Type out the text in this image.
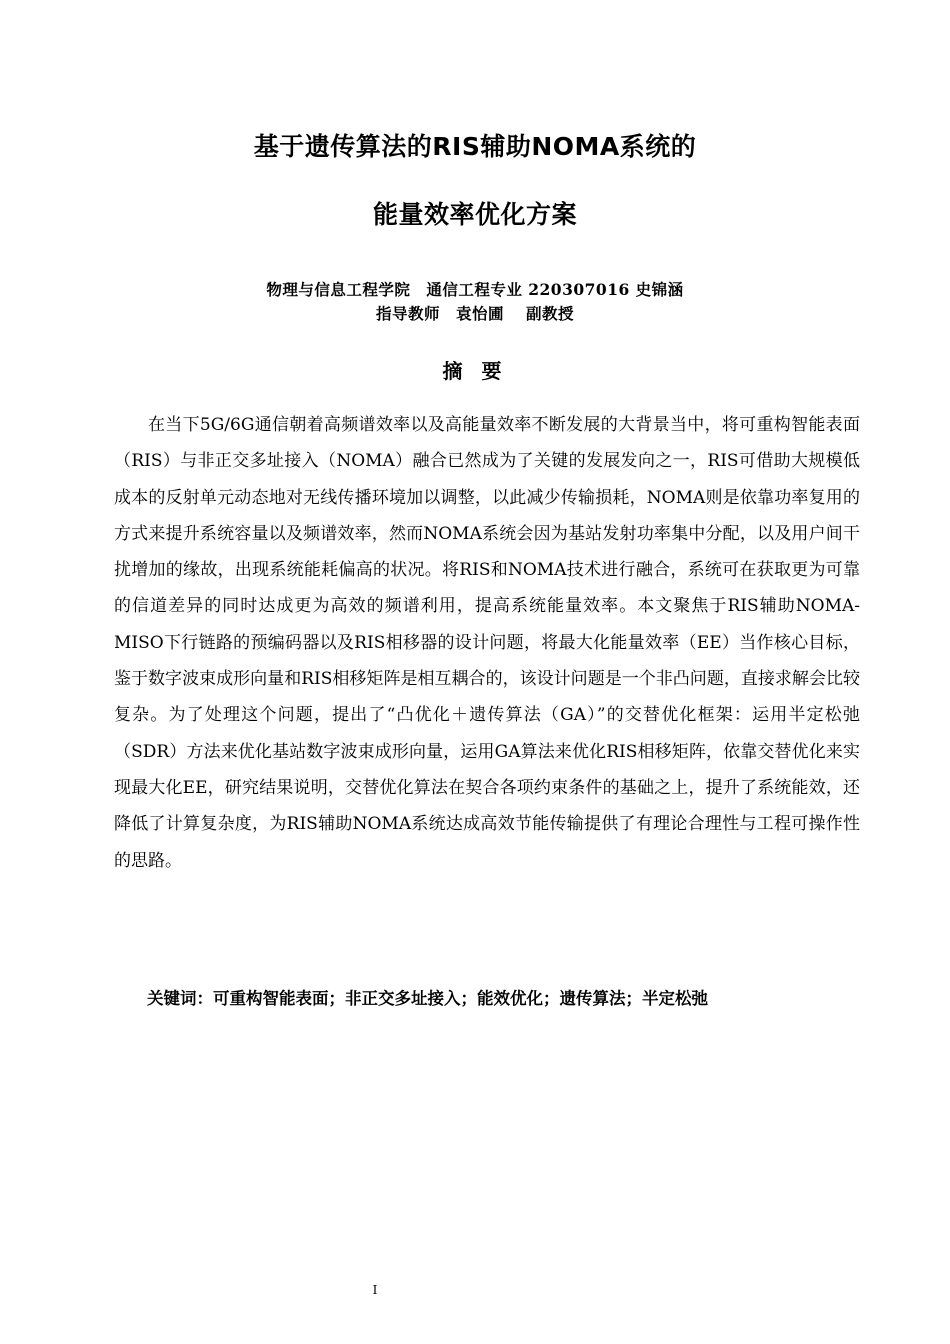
基于遗传算法的RIS辅助NOMA系统的
能量效率优化方案
物理与信息工程学院　通信工程专业 220307016 史锦涵
指导教师　袁怡圃　 副教授
摘 要

在当下5G/6G通信朝着高频谱效率以及高能量效率不断发展的大背景当中，将可重构智能表面（RIS）与非正交多址接入（NOMA）融合已然成为了关键的发展发向之一，RIS可借助大规模低成本的反射单元动态地对无线传播环境加以调整，以此减少传输损耗，NOMA则是依靠功率复用的方式来提升系统容量以及频谱效率，然而NOMA系统会因为基站发射功率集中分配，以及用户间干扰增加的缘故，出现系统能耗偏高的状况。将RIS和NOMA技术进行融合，系统可在获取更为可靠的信道差异的同时达成更为高效的频谱利用，提高系统能量效率。本文聚焦于RIS辅助NOMA-MISO下行链路的预编码器以及RIS相移器的设计问题，将最大化能量效率（EE）当作核心目标，鉴于数字波束成形向量和RIS相移矩阵是相互耦合的，该设计问题是一个非凸问题，直接求解会比较复杂。为了处理这个问题，提出了“凸优化＋遗传算法（GA）”的交替优化框架：运用半定松弛（SDR）方法来优化基站数字波束成形向量，运用GA算法来优化RIS相移矩阵，依靠交替优化来实现最大化EE，研究结果说明，交替优化算法在契合各项约束条件的基础之上，提升了系统能效，还降低了计算复杂度，为RIS辅助NOMA系统达成高效节能传输提供了有理论合理性与工程可操作性的思路。

关键词：可重构智能表面；非正交多址接入；能效优化；遗传算法；半定松弛
I
